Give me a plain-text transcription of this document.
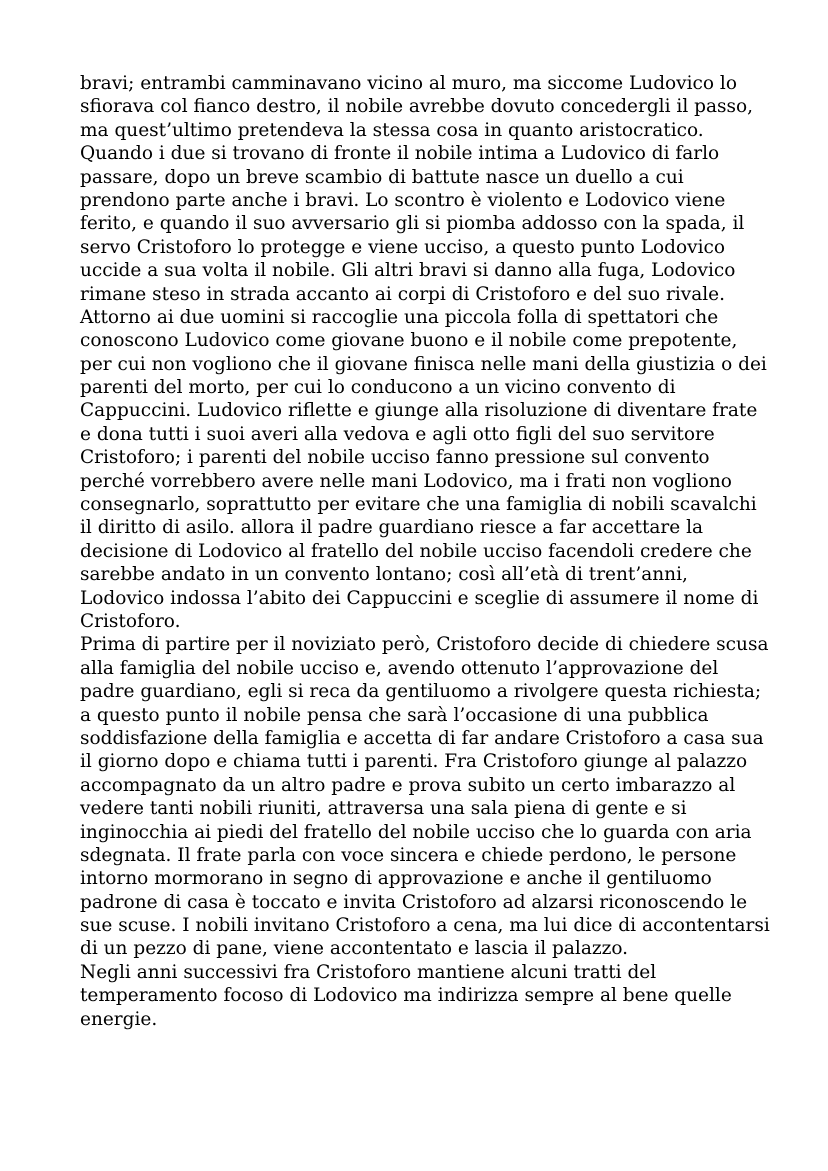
bravi; entrambi camminavano vicino al muro, ma siccome Ludovico lo
sfiorava col fianco destro, il nobile avrebbe dovuto concedergli il passo,
ma quest’ultimo pretendeva la stessa cosa in quanto aristocratico.
Quando i due si trovano di fronte il nobile intima a Ludovico di farlo
passare, dopo un breve scambio di battute nasce un duello a cui
prendono parte anche i bravi. Lo scontro è violento e Lodovico viene
ferito, e quando il suo avversario gli si piomba addosso con la spada, il
servo Cristoforo lo protegge e viene ucciso, a questo punto Lodovico
uccide a sua volta il nobile. Gli altri bravi si danno alla fuga, Lodovico
rimane steso in strada accanto ai corpi di Cristoforo e del suo rivale.
Attorno ai due uomini si raccoglie una piccola folla di spettatori che
conoscono Ludovico come giovane buono e il nobile come prepotente,
per cui non vogliono che il giovane finisca nelle mani della giustizia o dei
parenti del morto, per cui lo conducono a un vicino convento di
Cappuccini. Ludovico riflette e giunge alla risoluzione di diventare frate
e dona tutti i suoi averi alla vedova e agli otto figli del suo servitore
Cristoforo; i parenti del nobile ucciso fanno pressione sul convento
perché vorrebbero avere nelle mani Lodovico, ma i frati non vogliono
consegnarlo, soprattutto per evitare che una famiglia di nobili scavalchi
il diritto di asilo. allora il padre guardiano riesce a far accettare la
decisione di Lodovico al fratello del nobile ucciso facendoli credere che
sarebbe andato in un convento lontano; così all’età di trent’anni,
Lodovico indossa l’abito dei Cappuccini e sceglie di assumere il nome di
Cristoforo.
Prima di partire per il noviziato però, Cristoforo decide di chiedere scusa
alla famiglia del nobile ucciso e, avendo ottenuto l’approvazione del
padre guardiano, egli si reca da gentiluomo a rivolgere questa richiesta;
a questo punto il nobile pensa che sarà l’occasione di una pubblica
soddisfazione della famiglia e accetta di far andare Cristoforo a casa sua
il giorno dopo e chiama tutti i parenti. Fra Cristoforo giunge al palazzo
accompagnato da un altro padre e prova subito un certo imbarazzo al
vedere tanti nobili riuniti, attraversa una sala piena di gente e si
inginocchia ai piedi del fratello del nobile ucciso che lo guarda con aria
sdegnata. Il frate parla con voce sincera e chiede perdono, le persone
intorno mormorano in segno di approvazione e anche il gentiluomo
padrone di casa è toccato e invita Cristoforo ad alzarsi riconoscendo le
sue scuse. I nobili invitano Cristoforo a cena, ma lui dice di accontentarsi
di un pezzo di pane, viene accontentato e lascia il palazzo.
Negli anni successivi fra Cristoforo mantiene alcuni tratti del
temperamento focoso di Lodovico ma indirizza sempre al bene quelle
energie.
